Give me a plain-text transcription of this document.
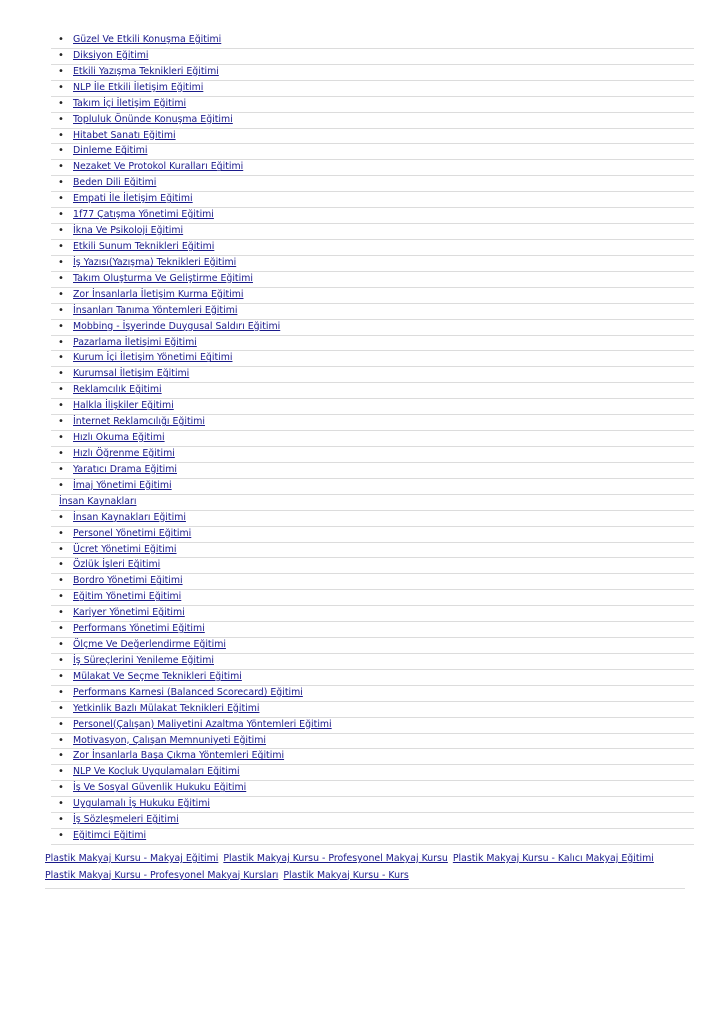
• Güzel Ve Etkili Konuşma Eğitimi
• Diksiyon Eğitimi
• Etkili Yazışma Teknikleri Eğitimi
• NLP İle Etkili İletişim Eğitimi
• Takım İçi İletişim Eğitimi
• Topluluk Önünde Konuşma Eğitimi
• Hitabet Sanatı Eğitimi
• Dinleme Eğitimi
• Nezaket Ve Protokol Kuralları Eğitimi
• Beden Dili Eğitimi
• Empati İle İletişim Eğitimi
• 1f77 Çatışma Yönetimi Eğitimi
• İkna Ve Psikoloji Eğitimi
• Etkili Sunum Teknikleri Eğitimi
• İş Yazısı(Yazışma) Teknikleri Eğitimi
• Takım Oluşturma Ve Geliştirme Eğitimi
• Zor İnsanlarla İletişim Kurma Eğitimi
• İnsanları Tanıma Yöntemleri Eğitimi
• Mobbing - İşyerinde Duygusal Saldırı Eğitimi
• Pazarlama İletişimi Eğitimi
• Kurum İçi İletişim Yönetimi Eğitimi
• Kurumsal İletişim Eğitimi
• Reklamcılık Eğitimi
• Halkla İlişkiler Eğitimi
• İnternet Reklamcılığı Eğitimi
• Hızlı Okuma Eğitimi
• Hızlı Öğrenme Eğitimi
• Yaratıcı Drama Eğitimi
• İmaj Yönetimi Eğitimi
İnsan Kaynakları
• İnsan Kaynakları Eğitimi
• Personel Yönetimi Eğitimi
• Ücret Yönetimi Eğitimi
• Özlük İşleri Eğitimi
• Bordro Yönetimi Eğitimi
• Eğitim Yönetimi Eğitimi
• Kariyer Yönetimi Eğitimi
• Performans Yönetimi Eğitimi
• Ölçme Ve Değerlendirme Eğitimi
• İş Süreçlerini Yenileme Eğitimi
• Mülakat Ve Seçme Teknikleri Eğitimi
• Performans Karnesi (Balanced Scorecard) Eğitimi
• Yetkinlik Bazlı Mülakat Teknikleri Eğitimi
• Personel(Çalışan) Maliyetini Azaltma Yöntemleri Eğitimi
• Motivasyon, Çalışan Memnuniyeti Eğitimi
• Zor İnsanlarla Başa Çıkma Yöntemleri Eğitimi
• NLP Ve Koçluk Uygulamaları Eğitimi
• İş Ve Sosyal Güvenlik Hukuku Eğitimi
• Uygulamalı İş Hukuku Eğitimi
• İş Sözleşmeleri Eğitimi
• Eğitimci Eğitimi
Plastik Makyaj Kursu - Makyaj Eğitimi Plastik Makyaj Kursu - Profesyonel Makyaj Kursu Plastik Makyaj Kursu - Kalıcı Makyaj Eğitimi Plastik Makyaj Kursu - Profesyonel Makyaj Kursları Plastik Makyaj Kursu - Kurs
